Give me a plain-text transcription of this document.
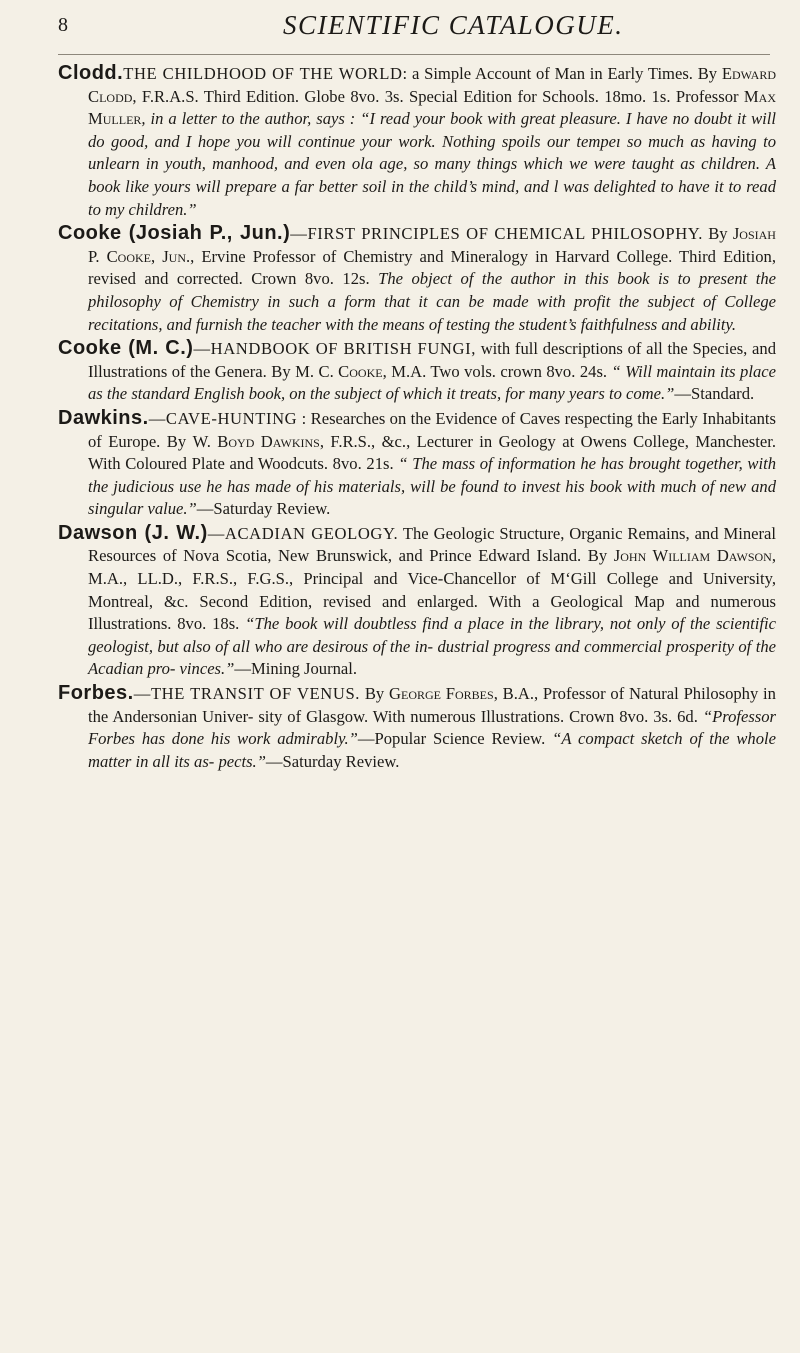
8	SCIENTIFIC CATALOGUE.

Clodd.THE CHILDHOOD OF THE WORLD: a Simple Account of Man in Early Times. By Edward Clodd, F.R.A.S. Third Edition. Globe 8vo. 3s. Special Edition for Schools. 18mo. 1s. Professor Max Muller, in a letter to the author, says : “I read your book with great pleasure. I have no doubt it will do good, and I hope you will continue your work. Nothing spoils our tempeı so much as having to unlearn in youth, manhood, and even ola age, so many things which we were taught as children. A book like yours will prepare a far better soil in the child’s mind, and l was delighted to have it to read to my children.”

Cooke (Josiah P., Jun.)—FIRST PRINCIPLES OF CHEMICAL PHILOSOPHY. By Josiah P. Cooke, Jun., Ervine Professor of Chemistry and Mineralogy in Harvard College. Third Edition, revised and corrected. Crown 8vo. 12s. The object of the author in this book is to present the philosophy of Chemistry in such a form that it can be made with profit the subject of College recitations, and furnish the teacher with the means of testing the student’s faithfulness and ability.

Cooke (M. C.)—HANDBOOK OF BRITISH FUNGI, with full descriptions of all the Species, and Illustrations of the Genera. By M. C. Cooke, M.A. Two vols. crown 8vo. 24s. “ Will maintain its place as the standard English book, on the subject of which it treats, for many years to come.”—Standard.

Dawkins.—CAVE-HUNTING : Researches on the Evidence of Caves respecting the Early Inhabitants of Europe. By W. Boyd Dawkins, F.R.S., &c., Lecturer in Geology at Owens College, Manchester. With Coloured Plate and Woodcuts. 8vo. 21s. “ The mass of information he has brought together, with the judicious use he has made of his materials, will be found to invest his book with much of new and singular value.”—Saturday Review.

Dawson (J. W.)—ACADIAN GEOLOGY. The Geologic Structure, Organic Remains, and Mineral Resources of Nova Scotia, New Brunswick, and Prince Edward Island. By John William Dawson, M.A., LL.D., F.R.S., F.G.S., Principal and Vice-Chancellor of M‘Gill College and University, Montreal, &c. Second Edition, revised and enlarged. With a Geological Map and numerous Illustrations. 8vo. 18s. “The book will doubtless find a place in the library, not only of the scientific geologist, but also of all who are desirous of the in- dustrial progress and commercial prosperity of the Acadian pro- vinces.”—Mining Journal.

Forbes.—THE TRANSIT OF VENUS. By George Forbes, B.A., Professor of Natural Philosophy in the Andersonian Univer- sity of Glasgow. With numerous Illustrations. Crown 8vo. 3s. 6d. “Professor Forbes has done his work admirably.”—Popular Science Review. “A compact sketch of the whole matter in all its as- pects.”—Saturday Review.
